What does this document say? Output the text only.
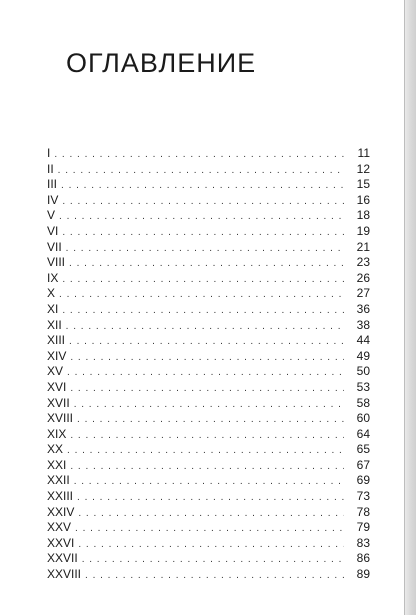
ОГЛАВЛЕНИЕ
I . . .	11
II . . .	12
III . . .	15
IV . . .	16
V . . .	18
VI . . .	19
VII . . .	21
VIII . . .	23
IX . . .	26
X . . .	27
XI . . .	36
XII . . .	38
XIII . . .	44
XIV . . .	49
XV . . .	50
XVI . . .	53
XVII . . .	58
XVIII . . .	60
XIX . . .	64
XX . . .	65
XXI . . .	67
XXII . . .	69
XXIII . . .	73
XXIV . . .	78
XXV . . .	79
XXVI . . .	83
XXVII . . .	86
XXVIII . . .	89
